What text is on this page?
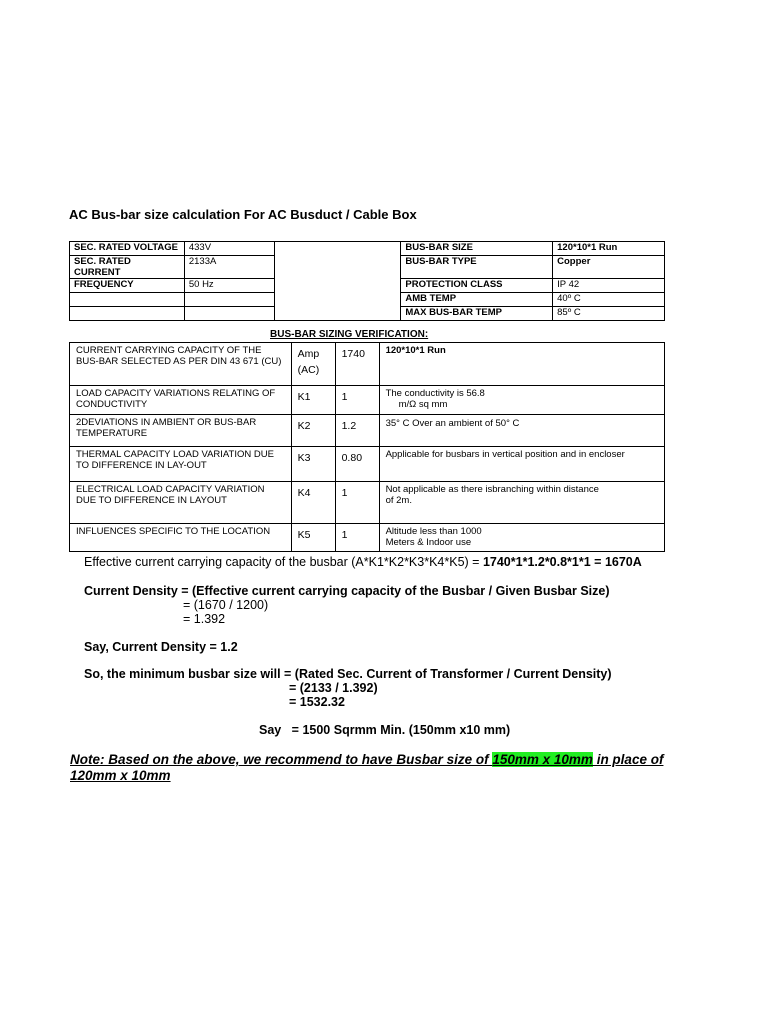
AC Bus-bar size calculation For AC Busduct / Cable Box
SEC. RATED VOLTAGE	433V		BUS-BAR SIZE	120*10*1 Run
SEC. RATED CURRENT	2133A		BUS-BAR TYPE	Copper
FREQUENCY	50 Hz		PROTECTION CLASS	IP 42
			AMB TEMP	40º C
			MAX BUS-BAR TEMP	85º C
BUS-BAR SIZING VERIFICATION:
CURRENT CARRYING CAPACITY OF THE BUS-BAR SELECTED AS PER DIN 43 671 (CU)	Amp (AC)	1740	120*10*1 Run
LOAD CAPACITY VARIATIONS RELATING OF CONDUCTIVITY	K1	1	The conductivity is 56.8
m/Ω sq mm

2DEVIATIONS IN AMBIENT OR BUS-BAR TEMPERATURE	K2	1.2	35° C Over an ambient of 50° C
THERMAL CAPACITY LOAD VARIATION DUE TO DIFFERENCE IN LAY-OUT	K3	0.80	Applicable for busbars in vertical position and in encloser
ELECTRICAL LOAD CAPACITY VARIATION DUE TO DIFFERENCE IN LAYOUT	K4	1	Not applicable as there isbranching within distance
of 2m.

INFLUENCES SPECIFIC TO THE LOCATION	K5	1	Altitude less than 1000
Meters & Indoor use
Effective current carrying capacity of the busbar (A*K1*K2*K3*K4*K5) = 1740*1*1.2*0.8*1*1 = 1670A
Current Density = (Effective current carrying capacity of the Busbar / Given Busbar Size)
= (1670 / 1200)
= 1.392
Say, Current Density = 1.2
So, the minimum busbar size will = (Rated Sec. Current of Transformer / Current Density)
= (2133 / 1.392)
= 1532.32
Say = 1500 Sqrmm Min. (150mm x10 mm)
Note: Based on the above, we recommend to have Busbar size of 150mm x 10mm in place of 120mm x 10mm
